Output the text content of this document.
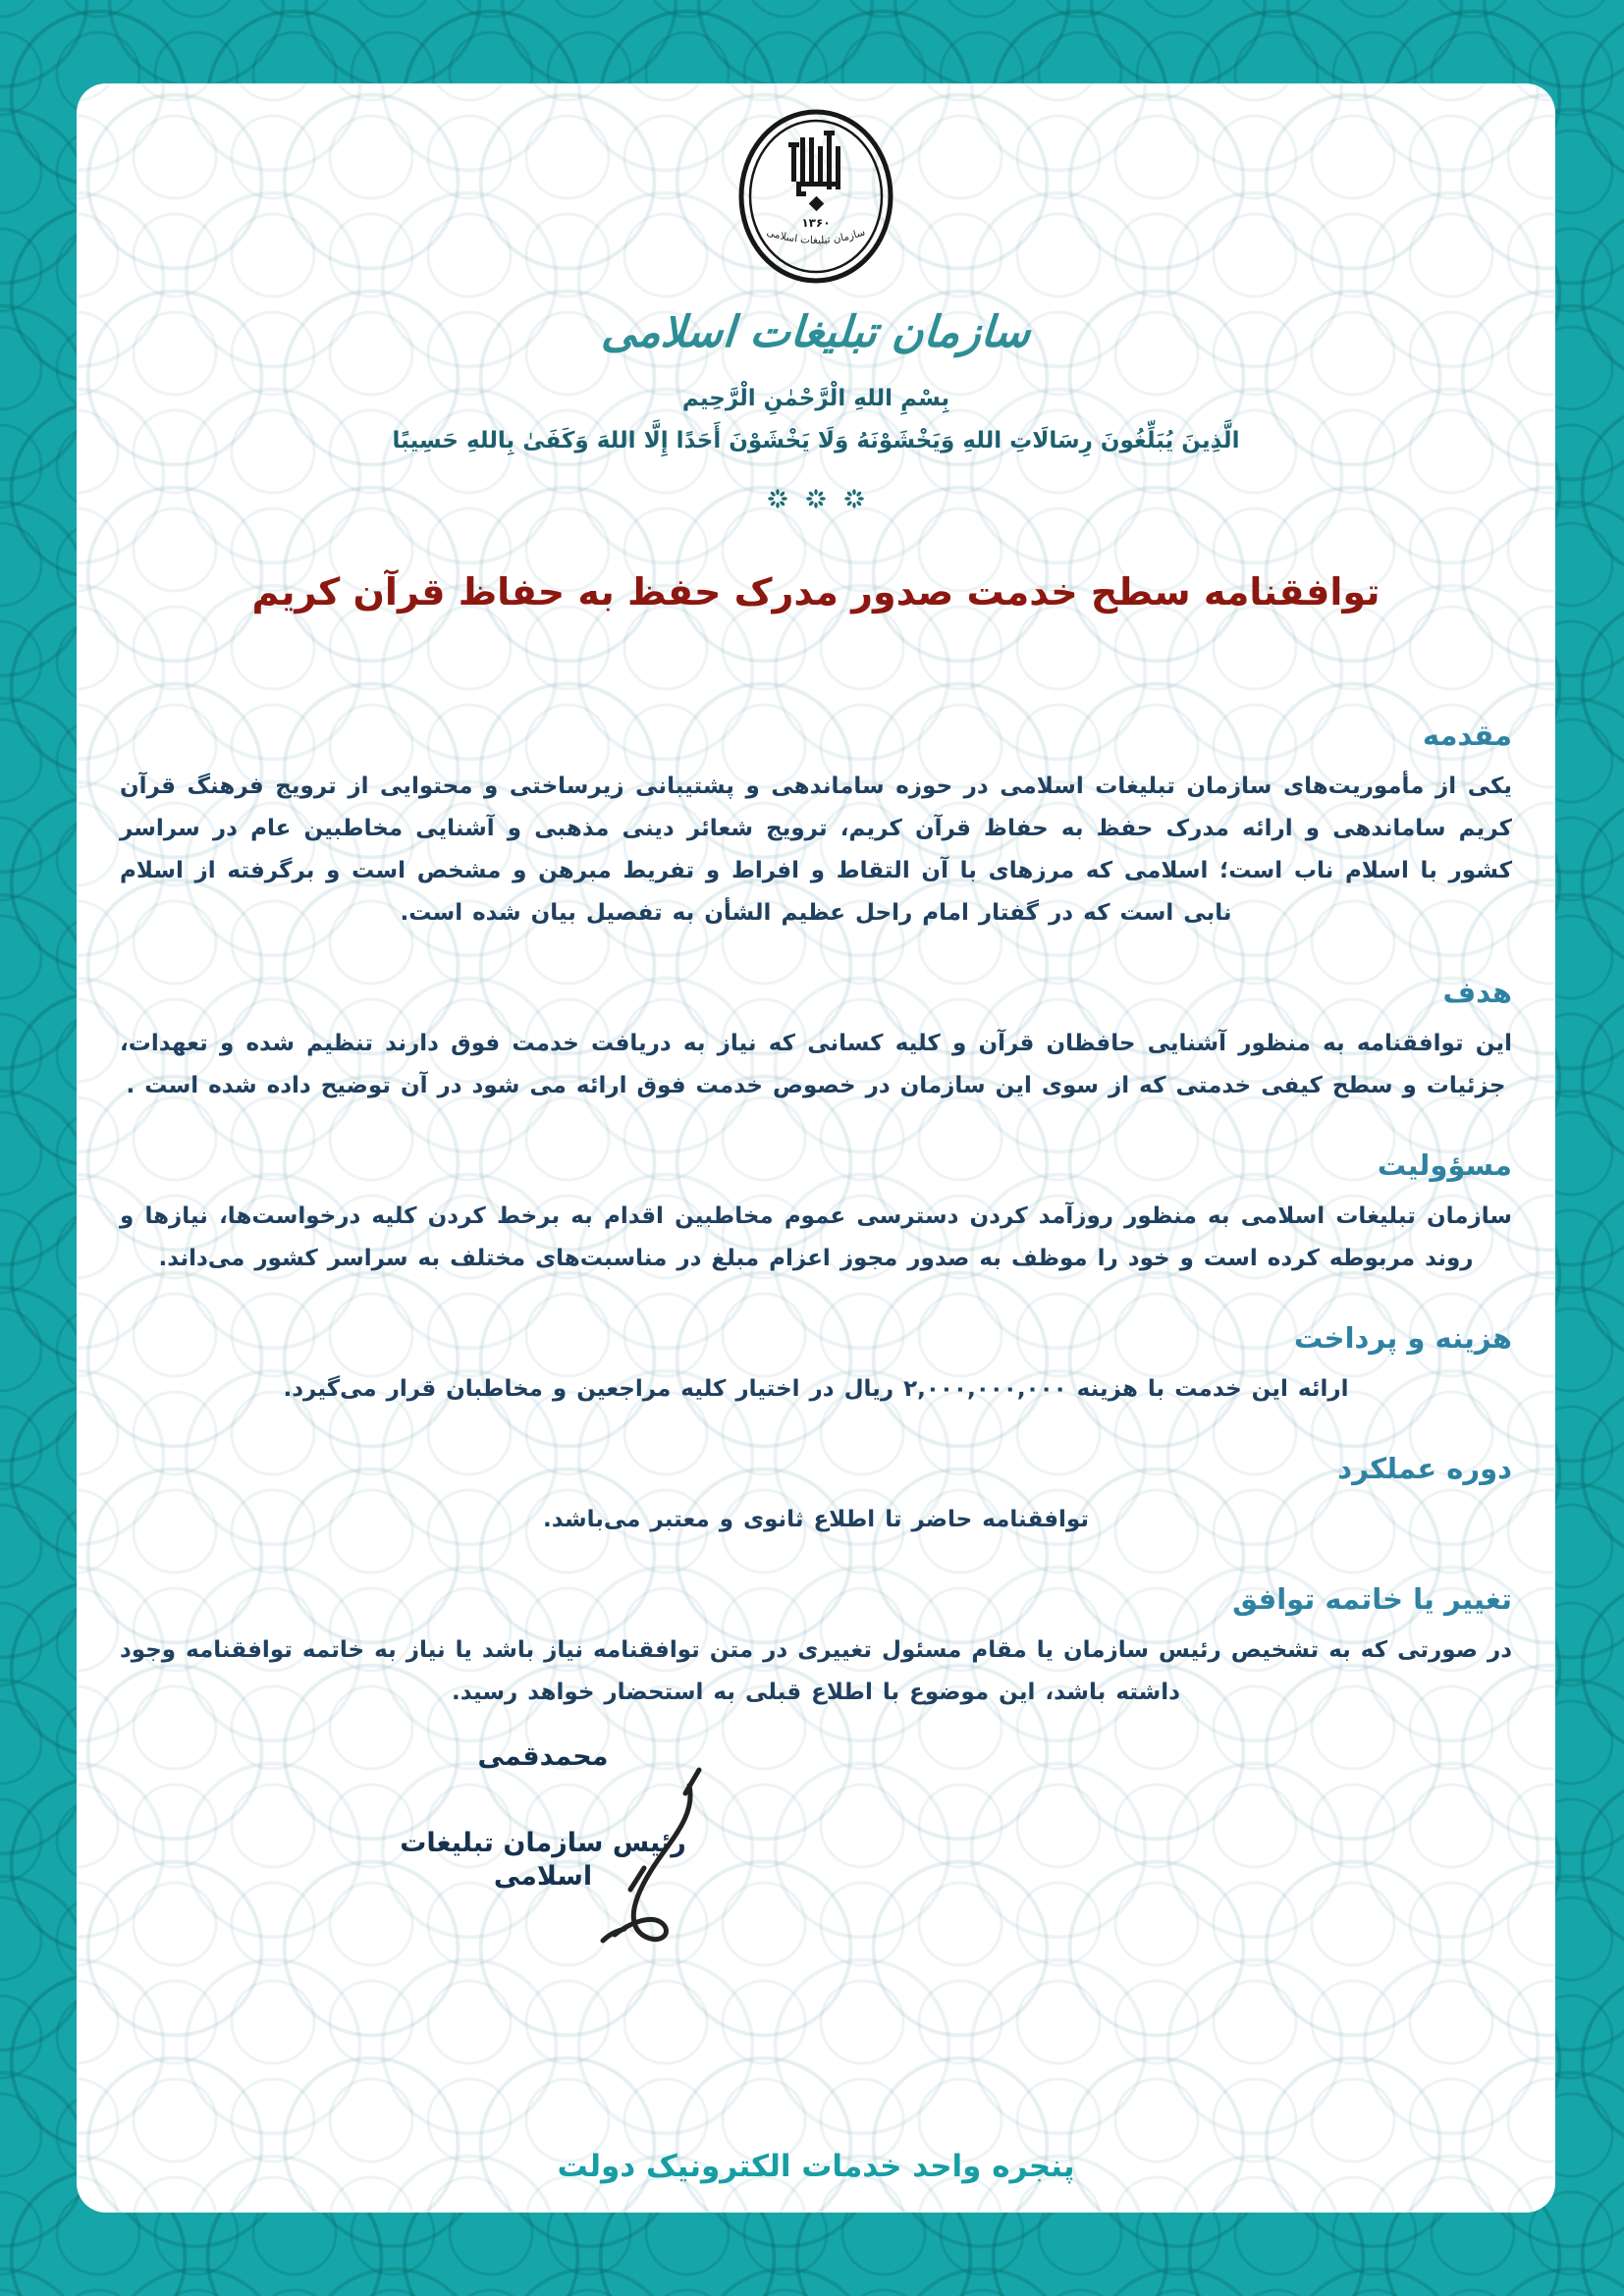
۱۳۶۰
سازمان تبلیغات اسلامی
سازمان تبلیغات اسلامی
بِسْمِ اللهِ الْرَّحْمٰنِ الْرَّحِيم
الَّذِينَ يُبَلِّغُونَ رِسَالَاتِ اللهِ وَيَخْشَوْنَهُ وَلَا يَخْشَوْنَ أَحَدًا إِلَّا اللهَ وَكَفَىٰ بِاللهِ حَسِيبًا

توافقنامه سطح خدمت صدور مدرک حفظ به حفاظ قرآن کریم
مقدمه

یکی از مأموریت‌های سازمان تبلیغات اسلامی در حوزه ساماندهی و پشتیبانی زیرساختی و محتوایی از ترویج فرهنگ قرآن کریم ساماندهی و ارائه مدرک حفظ به حفاظ قرآن کریم، ترویج شعائر دینی مذهبی و آشنایی مخاطبین عام در سراسر کشور با اسلام ناب است؛ اسلامی که مرزهای با آن التقاط و افراط و تفریط مبرهن و مشخص است و برگرفته از اسلام نابی است که در گفتار امام راحل عظیم الشأن به تفصیل بیان شده است.

هدف

این توافقنامه به منظور آشنایی حافظان قرآن و کلیه کسانی که نیاز به دریافت خدمت فوق دارند تنظیم شده و تعهدات، جزئیات و سطح کیفی خدمتی که از سوی این سازمان در خصوص خدمت فوق ارائه می شود در آن توضیح داده شده است .

مسؤولیت

سازمان تبلیغات اسلامی به منظور روزآمد کردن دسترسی عموم مخاطبین اقدام به برخط کردن کلیه درخواست‌ها، نیازها و روند مربوطه کرده است و خود را موظف به صدور مجوز اعزام مبلغ در مناسبت‌های مختلف به سراسر کشور می‌داند.

هزینه و پرداخت

ارائه این خدمت با هزینه ۲,۰۰۰,۰۰۰,۰۰۰ ریال در اختیار کلیه مراجعین و مخاطبان قرار می‌گیرد.

دوره عملکرد

توافقنامه حاضر تا اطلاع ثانوی و معتبر می‌باشد.

تغییر یا خاتمه توافق

در صورتی که به تشخیص رئیس سازمان یا مقام مسئول تغییری در متن توافقنامه نیاز باشد یا نیاز به خاتمه توافقنامه وجود داشته باشد، این موضوع با اطلاع قبلی به استحضار خواهد رسید.

محمدقمی
رئیس سازمان تبلیغات اسلامی
پنجره واحد خدمات الکترونیک دولت
